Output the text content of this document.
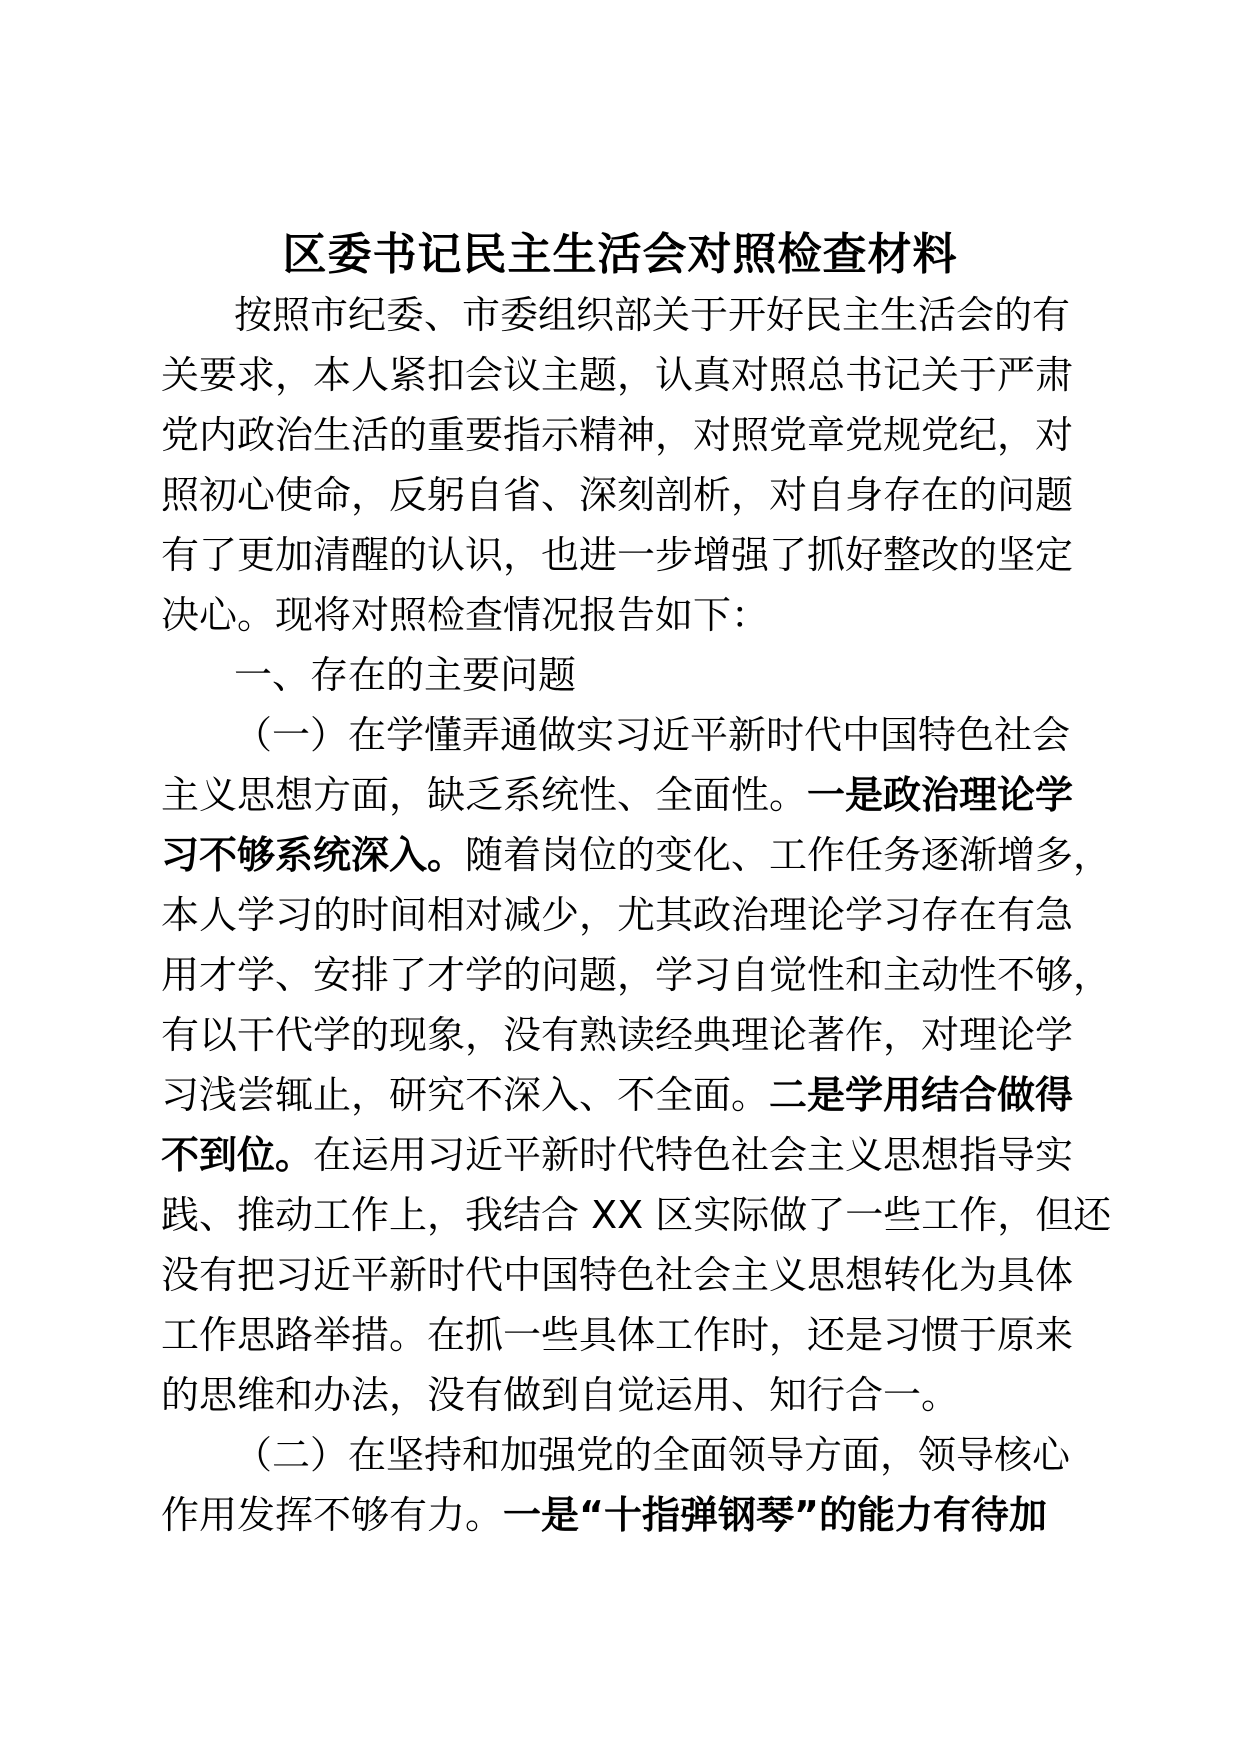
区委书记民主生活会对照检查材料
按照市纪委、市委组织部关于开好民主生活会的有
关要求，本人紧扣会议主题，认真对照总书记关于严肃
党内政治生活的重要指示精神，对照党章党规党纪，对
照初心使命，反躬自省、深刻剖析，对自身存在的问题
有了更加清醒的认识，也进一步增强了抓好整改的坚定
决心。现将对照检查情况报告如下：
一、存在的主要问题
（一）在学懂弄通做实习近平新时代中国特色社会
主义思想方面，缺乏系统性、全面性。一是政治理论学
习不够系统深入。随着岗位的变化、工作任务逐渐增多，
本人学习的时间相对减少，尤其政治理论学习存在有急
用才学、安排了才学的问题，学习自觉性和主动性不够，
有以干代学的现象，没有熟读经典理论著作，对理论学
习浅尝辄止，研究不深入、不全面。二是学用结合做得
不到位。在运用习近平新时代特色社会主义思想指导实
践、推动工作上，我结合 XX 区实际做了一些工作，但还
没有把习近平新时代中国特色社会主义思想转化为具体
工作思路举措。在抓一些具体工作时，还是习惯于原来
的思维和办法，没有做到自觉运用、知行合一。
（二）在坚持和加强党的全面领导方面，领导核心
作用发挥不够有力。一是“十指弹钢琴”的能力有待加
